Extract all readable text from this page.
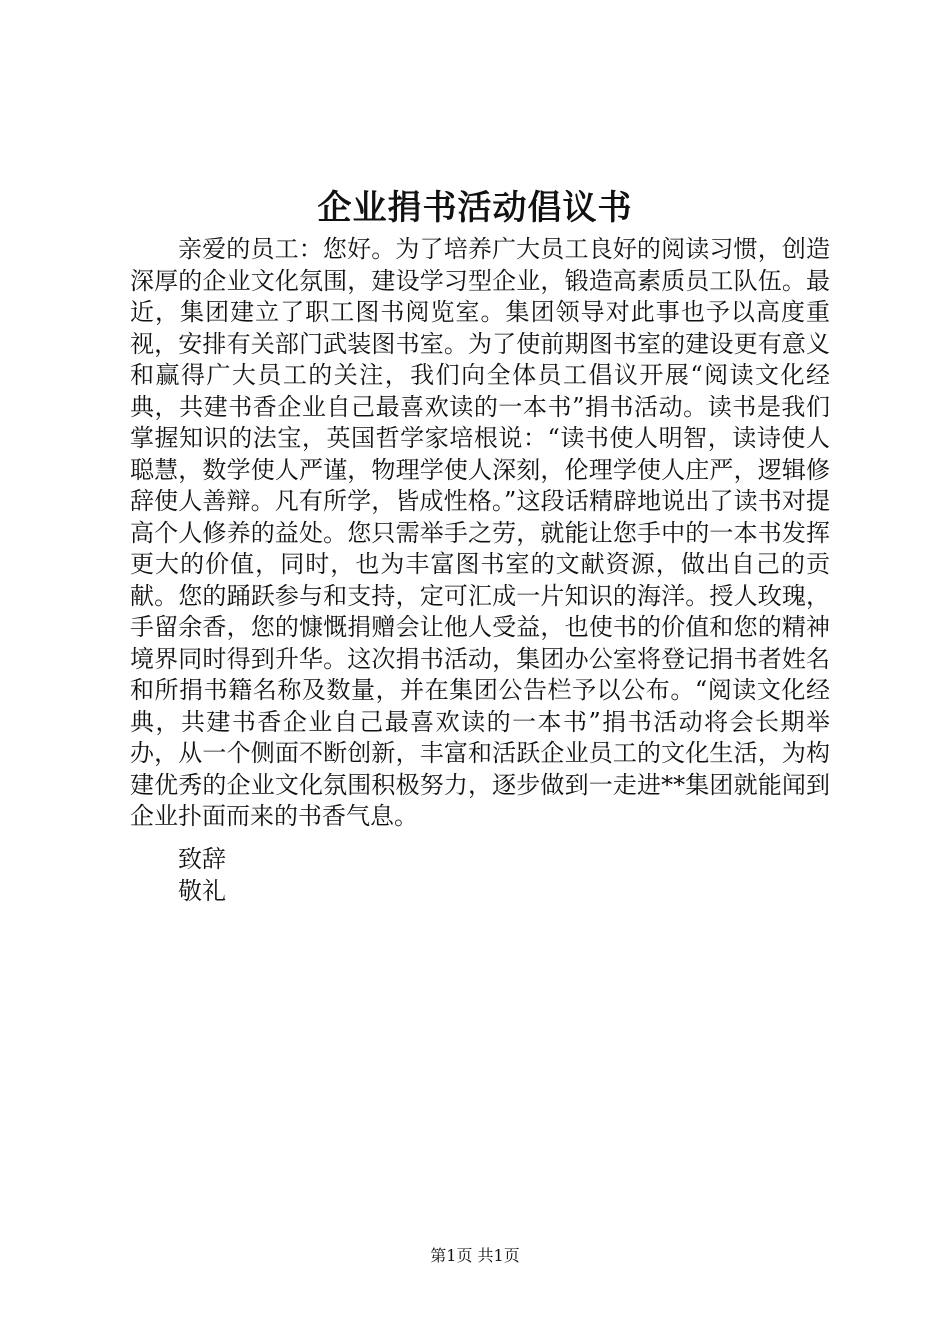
企业捐书活动倡议书

亲爱的员工：您好。为了培养广大员工良好的阅读习惯，创造深厚的企业文化氛围，建设学习型企业，锻造高素质员工队伍。最近，集团建立了职工图书阅览室。集团领导对此事也予以高度重视，安排有关部门武装图书室。为了使前期图书室的建设更有意义和赢得广大员工的关注，我们向全体员工倡议开展“阅读文化经典，共建书香企业自己最喜欢读的一本书”捐书活动。读书是我们掌握知识的法宝，英国哲学家培根说：“读书使人明智，读诗使人聪慧，数学使人严谨，物理学使人深刻，伦理学使人庄严，逻辑修辞使人善辩。凡有所学，皆成性格。”这段话精辟地说出了读书对提高个人修养的益处。您只需举手之劳，就能让您手中的一本书发挥更大的价值，同时，也为丰富图书室的文献资源，做出自己的贡献。您的踊跃参与和支持，定可汇成一片知识的海洋。授人玫瑰，手留余香，您的慷慨捐赠会让他人受益，也使书的价值和您的精神境界同时得到升华。这次捐书活动，集团办公室将登记捐书者姓名和所捐书籍名称及数量，并在集团公告栏予以公布。“阅读文化经典，共建书香企业自己最喜欢读的一本书”捐书活动将会长期举办，从一个侧面不断创新，丰富和活跃企业员工的文化生活，为构建优秀的企业文化氛围积极努力，逐步做到一走进**集团就能闻到企业扑面而来的书香气息。

致辞

敬礼

第1页 共1页
